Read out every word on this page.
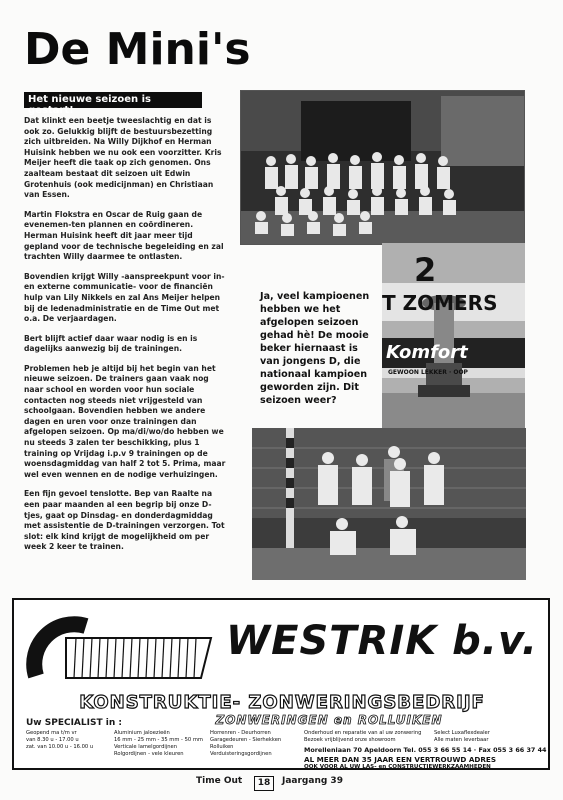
De Mini's
Het nieuwe seizoen is gestart!

Dat klinkt een beetje tweeslachtig en dat is ook zo. Gelukkig blijft de bestuursbezetting zich uitbreiden. Na Willy Dijkhof en Herman Huisink hebben we nu ook een voorzitter. Kris Meijer heeft die taak op zich genomen. Ons zaalteam bestaat dit seizoen uit Edwin Grotenhuis (ook medicijnman) en Christiaan van Essen.

Martin Flokstra en Oscar de Ruig gaan de evenemen-ten plannen en coördineren. Herman Huisink heeft dit jaar meer tijd gepland voor de technische begeleiding en zal trachten Willy daarmee te ontlasten.

Bovendien krijgt Willy -aanspreekpunt voor in- en externe communicatie- voor de financiën hulp van Lily Nikkels en zal Ans Meijer helpen bij de ledenadministratie en de Time Out met o.a. De verjaardagen.

Bert blijft actief daar waar nodig is en is dagelijks aanwezig bij de trainingen.

Problemen heb je altijd bij het begin van het nieuwe seizoen. De trainers gaan vaak nog naar school en worden voor hun sociale contacten nog steeds niet vrijgesteld van schoolgaan. Bovendien hebben we andere dagen en uren voor onze trainingen dan afgelopen seizoen. Op ma/di/wo/do hebben we nu steeds 3 zalen ter beschikking, plus 1 training op Vrijdag i.p.v 9 trainingen op de woensdagmiddag van half 2 tot 5. Prima, maar wel even wennen en de nodige verhuizingen.

Een fijn gevoel tenslotte. Bep van Raalte na een paar maanden al een begrip bij onze D-tjes, gaat op Dinsdag- en donderdagmiddag met assistentie de D-trainingen verzorgen. Tot slot: elk kind krijgt de mogelijkheid om per week 2 keer te trainen.

2
T ZOMERS
Komfort
GEWOON LEKKER · OOP
Ja, veel kampioenen hebben we het afgelopen seizoen gehad hè! De mooie beker hiernaast is van jongens D, die nationaal kampioen geworden zijn. Dit seizoen weer?
WESTRIK b.v.
KONSTRUKTIE- ZONWERINGSBEDRIJF
Uw SPECIALIST in :	ZONWERINGEN en ROLLUIKEN
Geopend ma t/m vr
van 8.30 u - 17.00 u
zat. van 10.00 u - 16.00 u
Aluminium jaloezieën
16 mm - 25 mm - 35 mm - 50 mm
Verticale lamelgordijnen
Rolgordijnen - vele kleuren
Horrenren - Deurhorren
Garagedeuren - Sierhekken
Rolluiken
Verduisteringsgordijnen
Onderhoud en reparatie van al uw zonwering
Bezoek vrijblijvend onze showroom
Select Luxaflexdealer
Alle maten leverbaar
Morelleniaan 70 Apeldoorn Tel. 055 3 66 55 14 · Fax 055 3 66 37 44
AL MEER DAN 35 JAAR EEN VERTROUWD ADRES
OOK VOOR AL UW LAS- en CONSTRUCTIEWERKZAAMHEDEN
Time Out	18	Jaargang 39
